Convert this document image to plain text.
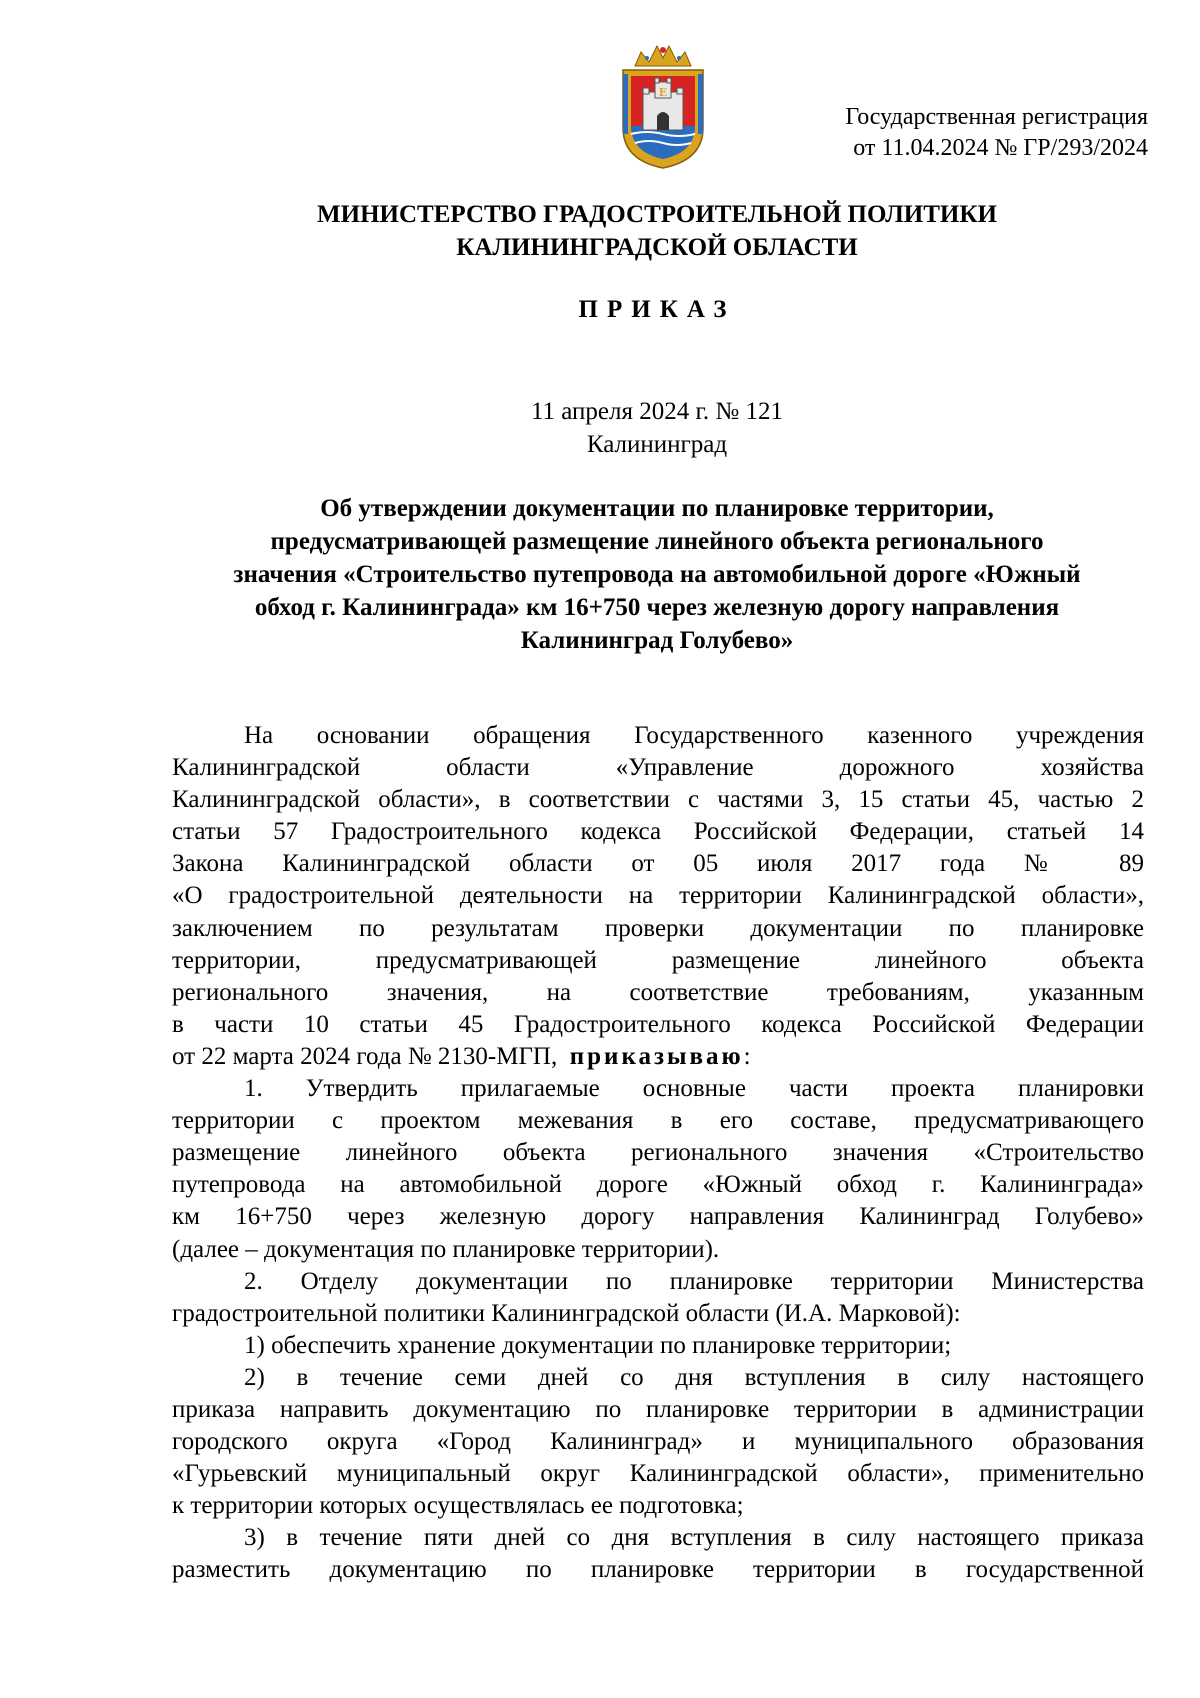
Е
Государственная регистрация
от 11.04.2024 № ГР/293/2024
МИНИСТЕРСТВО ГРАДОСТРОИТЕЛЬНОЙ ПОЛИТИКИ
КАЛИНИНГРАДСКОЙ ОБЛАСТИ
ПРИКАЗ
11 апреля 2024 г. № 121
Калининград
Об утверждении документации по планировке территории,
предусматривающей размещение линейного объекта регионального
значения «Строительство путепровода на автомобильной дороге «Южный
обход г. Калининграда» км 16+750 через железную дорогу направления
Калининград Голубево»
На основании обращения Государственного казенного учреждения
Калининградской области «Управление дорожного хозяйства
Калининградской области», в соответствии с частями 3, 15 статьи 45, частью 2
статьи 57 Градостроительного кодекса Российской Федерации, статьей 14
Закона Калининградской области от 05 июля 2017 года № 89
«О градостроительной деятельности на территории Калининградской области»,
заключением по результатам проверки документации по планировке
территории, предусматривающей размещение линейного объекта
регионального значения, на соответствие требованиям, указанным
в части 10 статьи 45 Градостроительного кодекса Российской Федерации
от 22 марта 2024 года № 2130-МГП, приказываю:
1. Утвердить прилагаемые основные части проекта планировки
территории с проектом межевания в его составе, предусматривающего
размещение линейного объекта регионального значения «Строительство
путепровода на автомобильной дороге «Южный обход г. Калининграда»
км 16+750 через железную дорогу направления Калининград Голубево»
(далее – документация по планировке территории).
2. Отделу документации по планировке территории Министерства
градостроительной политики Калининградской области (И.А. Марковой):
1) обеспечить хранение документации по планировке территории;
2) в течение семи дней со дня вступления в силу настоящего
приказа направить документацию по планировке территории в администрации
городского округа «Город Калининград» и муниципального образования
«Гурьевский муниципальный округ Калининградской области», применительно
к территории которых осуществлялась ее подготовка;
3) в течение пяти дней со дня вступления в силу настоящего приказа
разместить документацию по планировке территории в государственной
